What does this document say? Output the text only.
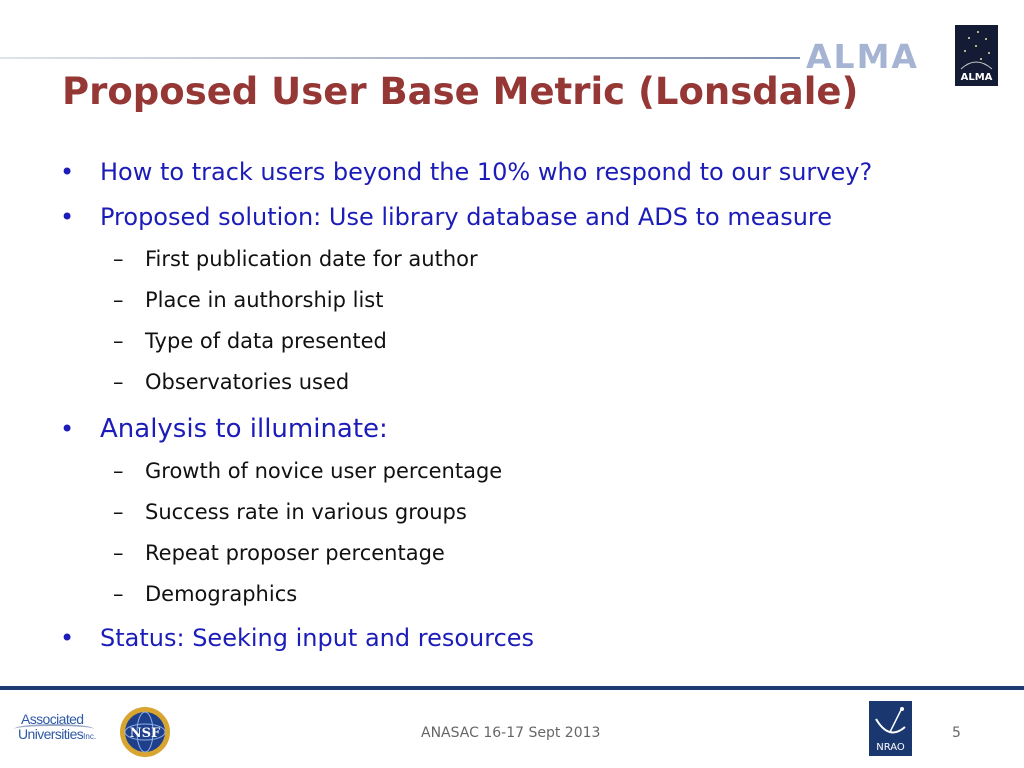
ALMA
ALMA
Proposed User Base Metric (Lonsdale)

• How to track users beyond the 10% who respond to our survey?

• Proposed solution: Use library database and ADS to measure

– First publication date for author

– Place in authorship list

– Type of data presented

– Observatories used

• Analysis to illuminate:

– Growth of novice user percentage

– Success rate in various groups

– Repeat proposer percentage

– Demographics

• Status: Seeking input and resources

Associated
UniversitiesInc.	NSF	ANASAC 16-17 Sept 2013
NRAO
5
